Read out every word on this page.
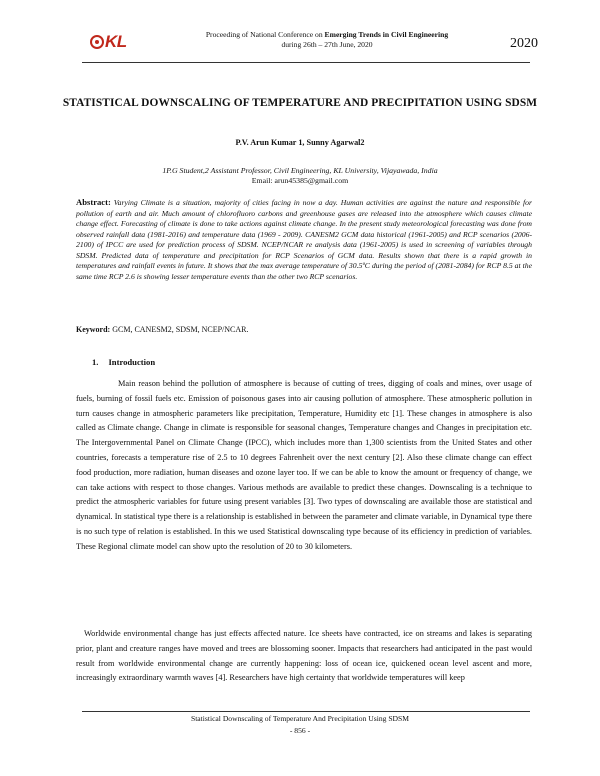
KL	Proceeding of National Conference on Emerging Trends in Civil Engineering
during 26th – 27th June, 2020	2020
STATISTICAL DOWNSCALING OF TEMPERATURE AND PRECIPITATION USING SDSM
P.V. Arun Kumar 1, Sunny Agarwal2
1P.G Student,2 Assistant Professor, Civil Engineering, KL University, Vijayawada, India
Email: arun45385@gmail.com
Abstract: Varying Climate is a situation, majority of cities facing in now a day. Human activities are against the nature and responsible for pollution of earth and air. Much amount of chlorofluoro carbons and greenhouse gases are released into the atmosphere which causes climate change effect. Forecasting of climate is done to take actions against climate change. In the present study meteorological forecasting was done from observed rainfall data (1981-2016) and temperature data (1969 - 2009). CANESM2 GCM data historical (1961-2005) and RCP scenarios (2006-2100) of IPCC are used for prediction process of SDSM. NCEP/NCAR re analysis data (1961-2005) is used in screening of variables through SDSM. Predicted data of temperature and precipitation for RCP Scenarios of GCM data. Results shown that there is a rapid growth in temperatures and rainfall events in future. It shows that the max average temperature of 30.5ºC during the period of (2081-2084) for RCP 8.5 at the same time RCP 2.6 is showing lesser temperature events than the other two RCP scenarios.
Keyword: GCM, CANESM2, SDSM, NCEP/NCAR.
1. Introduction

Main reason behind the pollution of atmosphere is because of cutting of trees, digging of coals and mines, over usage of fuels, burning of fossil fuels etc. Emission of poisonous gases into air causing pollution of atmosphere. These atmospheric pollution in turn causes change in atmospheric parameters like precipitation, Temperature, Humidity etc [1]. These changes in atmosphere is also called as Climate change. Change in climate is responsible for seasonal changes, Temperature changes and Changes in precipitation etc. The Intergovernmental Panel on Climate Change (IPCC), which includes more than 1,300 scientists from the United States and other countries, forecasts a temperature rise of 2.5 to 10 degrees Fahrenheit over the next century [2]. Also these climate change can effect food production, more radiation, human diseases and ozone layer too. If we can be able to know the amount or frequency of change, we can take actions with respect to those changes. Various methods are available to predict these changes. Downscaling is a technique to predict the atmospheric variables for future using present variables [3]. Two types of downscaling are available those are statistical and dynamical. In statistical type there is a relationship is established in between the parameter and climate variable, in Dynamical type there is no such type of relation is established. In this we used Statistical downscaling type because of its efficiency in prediction of variables. These Regional climate model can show upto the resolution of 20 to 30 kilometers.

Worldwide environmental change has just effects affected nature. Ice sheets have contracted, ice on streams and lakes is separating prior, plant and creature ranges have moved and trees are blossoming sooner. Impacts that researchers had anticipated in the past would result from worldwide environmental change are currently happening: loss of ocean ice, quickened ocean level ascent and more, increasingly extraordinary warmth waves [4]. Researchers have high certainty that worldwide temperatures will keep

Statistical Downscaling of Temperature And Precipitation Using SDSM
- 856 -
